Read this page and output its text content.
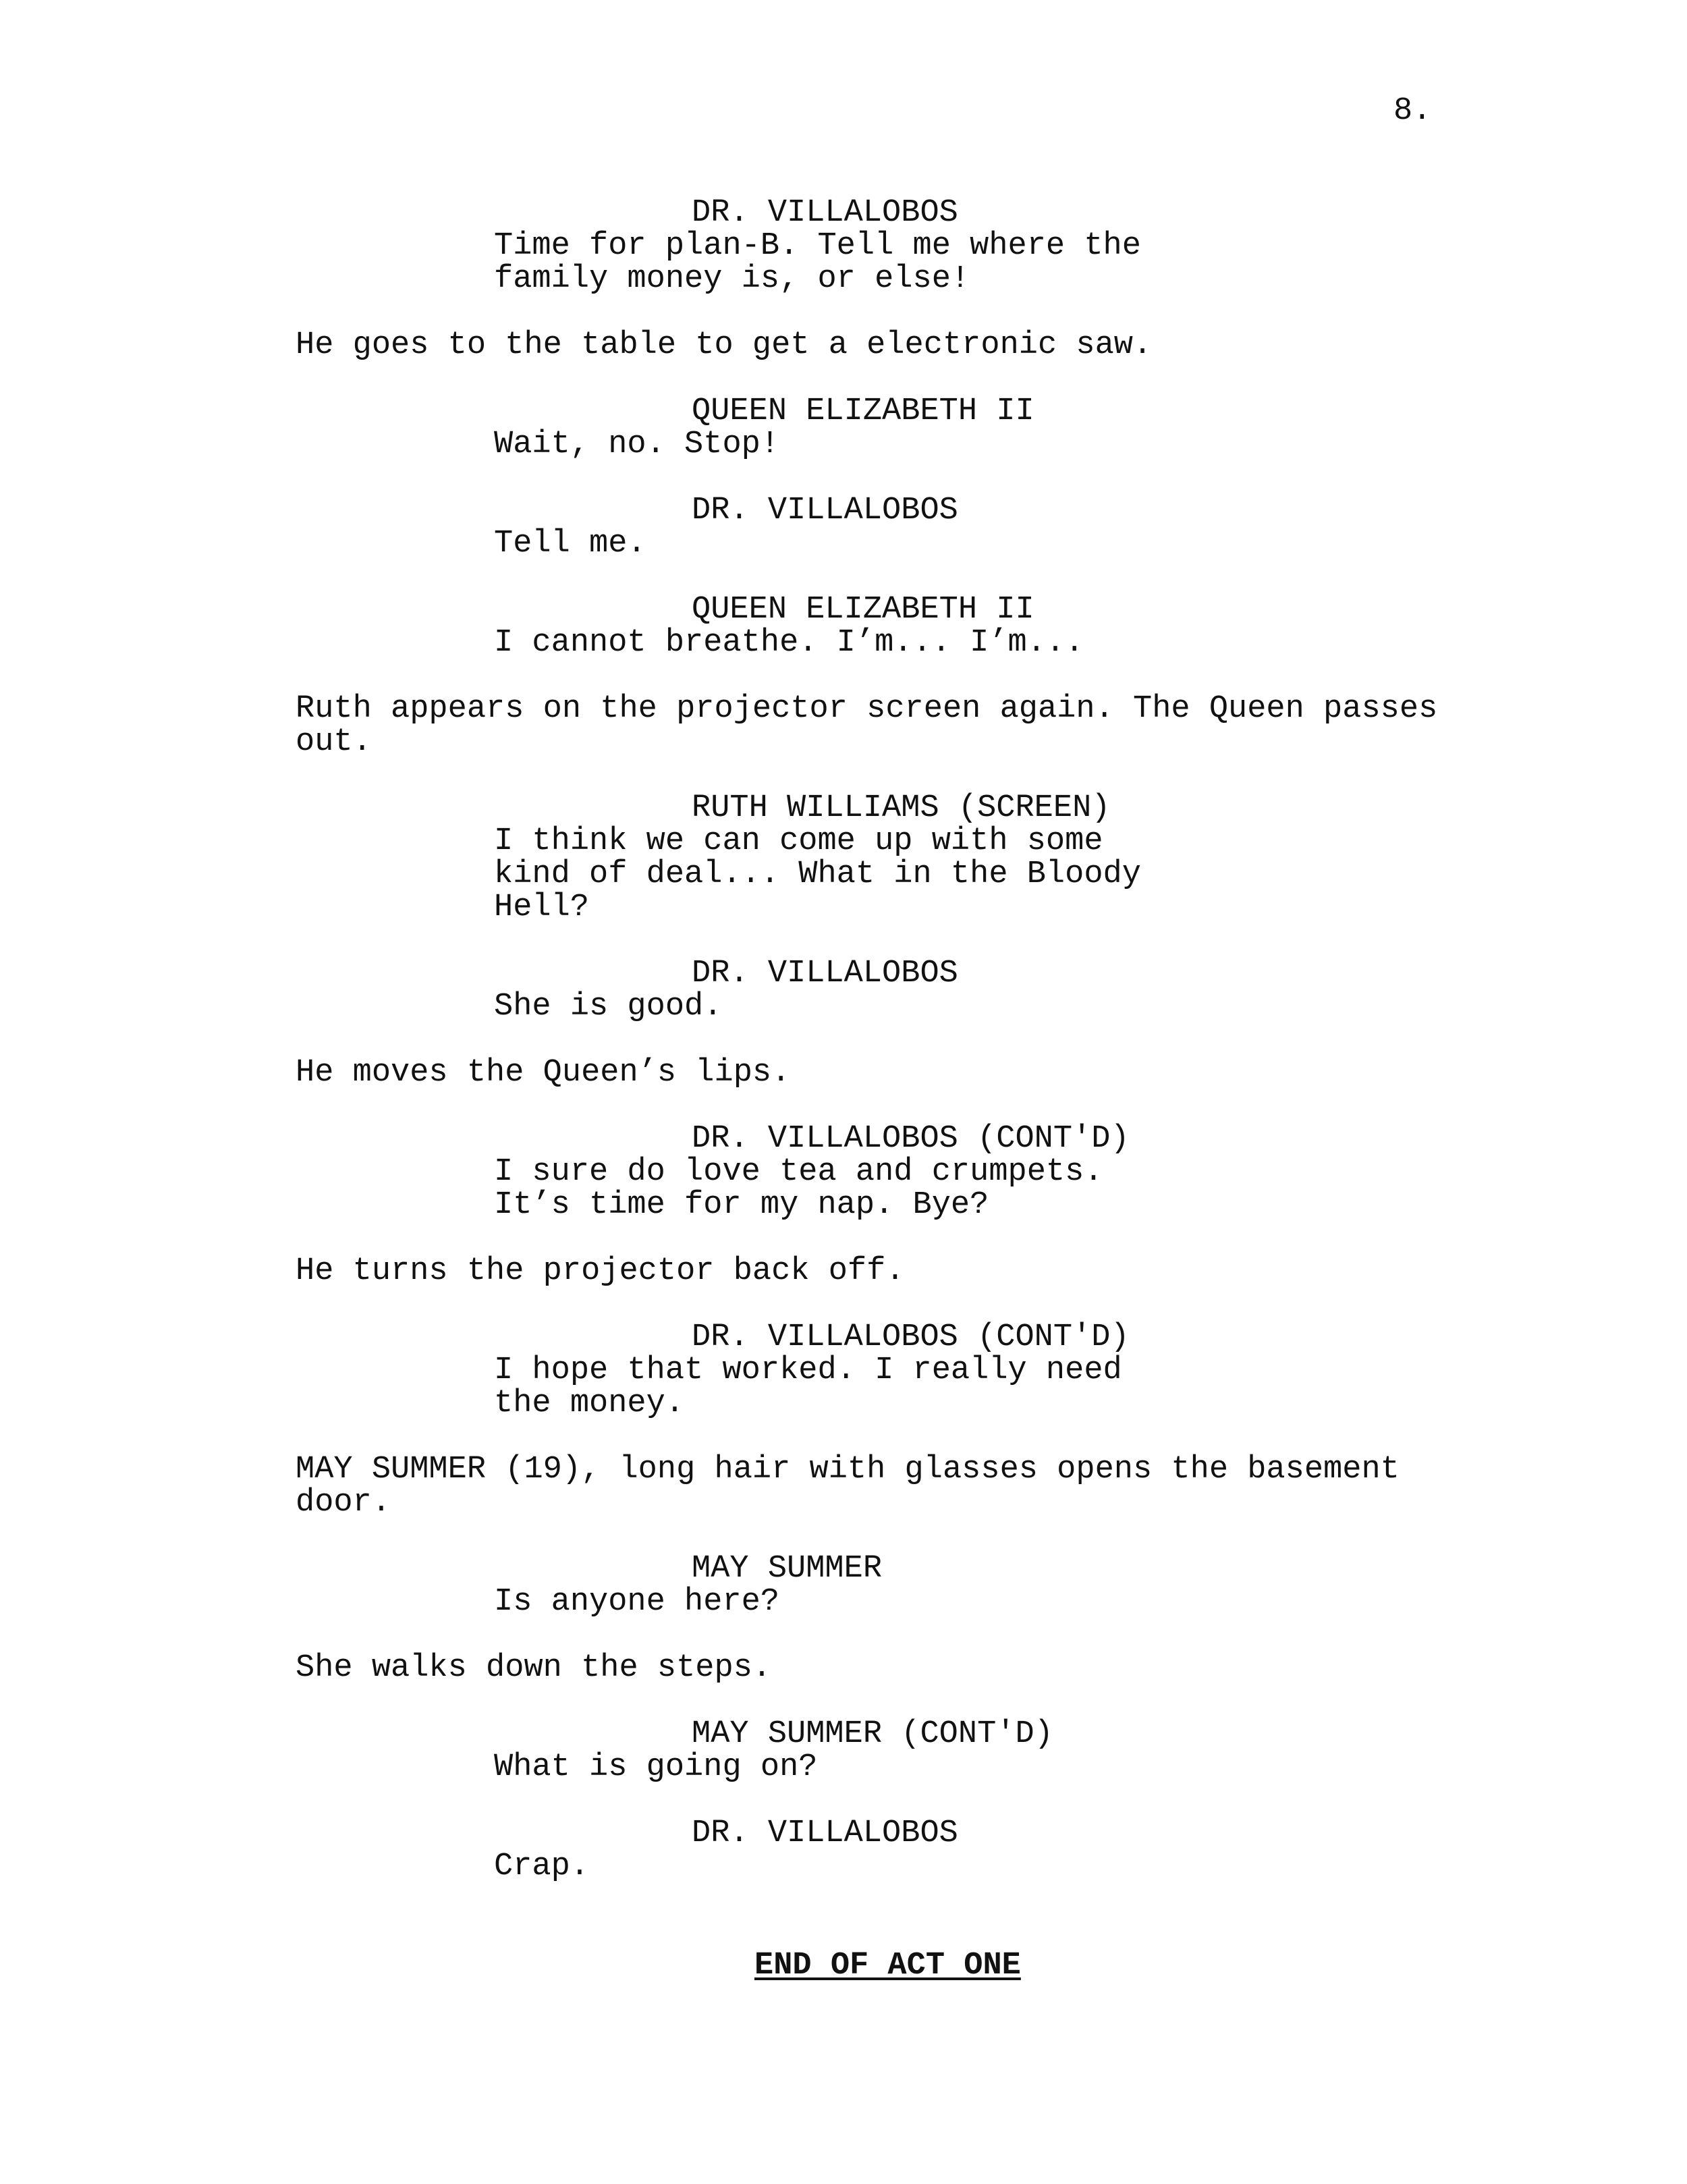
8.
DR. VILLALOBOS
Time for plan-B. Tell me where the
family money is, or else!
He goes to the table to get a electronic saw.
QUEEN ELIZABETH II
Wait, no. Stop!
DR. VILLALOBOS
Tell me.
QUEEN ELIZABETH II
I cannot breathe. I’m... I’m...
Ruth appears on the projector screen again. The Queen passes
out.
RUTH WILLIAMS (SCREEN)
I think we can come up with some
kind of deal... What in the Bloody
Hell?
DR. VILLALOBOS
She is good.
He moves the Queen’s lips.
DR. VILLALOBOS (CONT'D)
I sure do love tea and crumpets.
It’s time for my nap. Bye?
He turns the projector back off.
DR. VILLALOBOS (CONT'D)
I hope that worked. I really need
the money.
MAY SUMMER (19), long hair with glasses opens the basement
door.
MAY SUMMER
Is anyone here?
She walks down the steps.
MAY SUMMER (CONT'D)
What is going on?
DR. VILLALOBOS
Crap.
END OF ACT ONE
